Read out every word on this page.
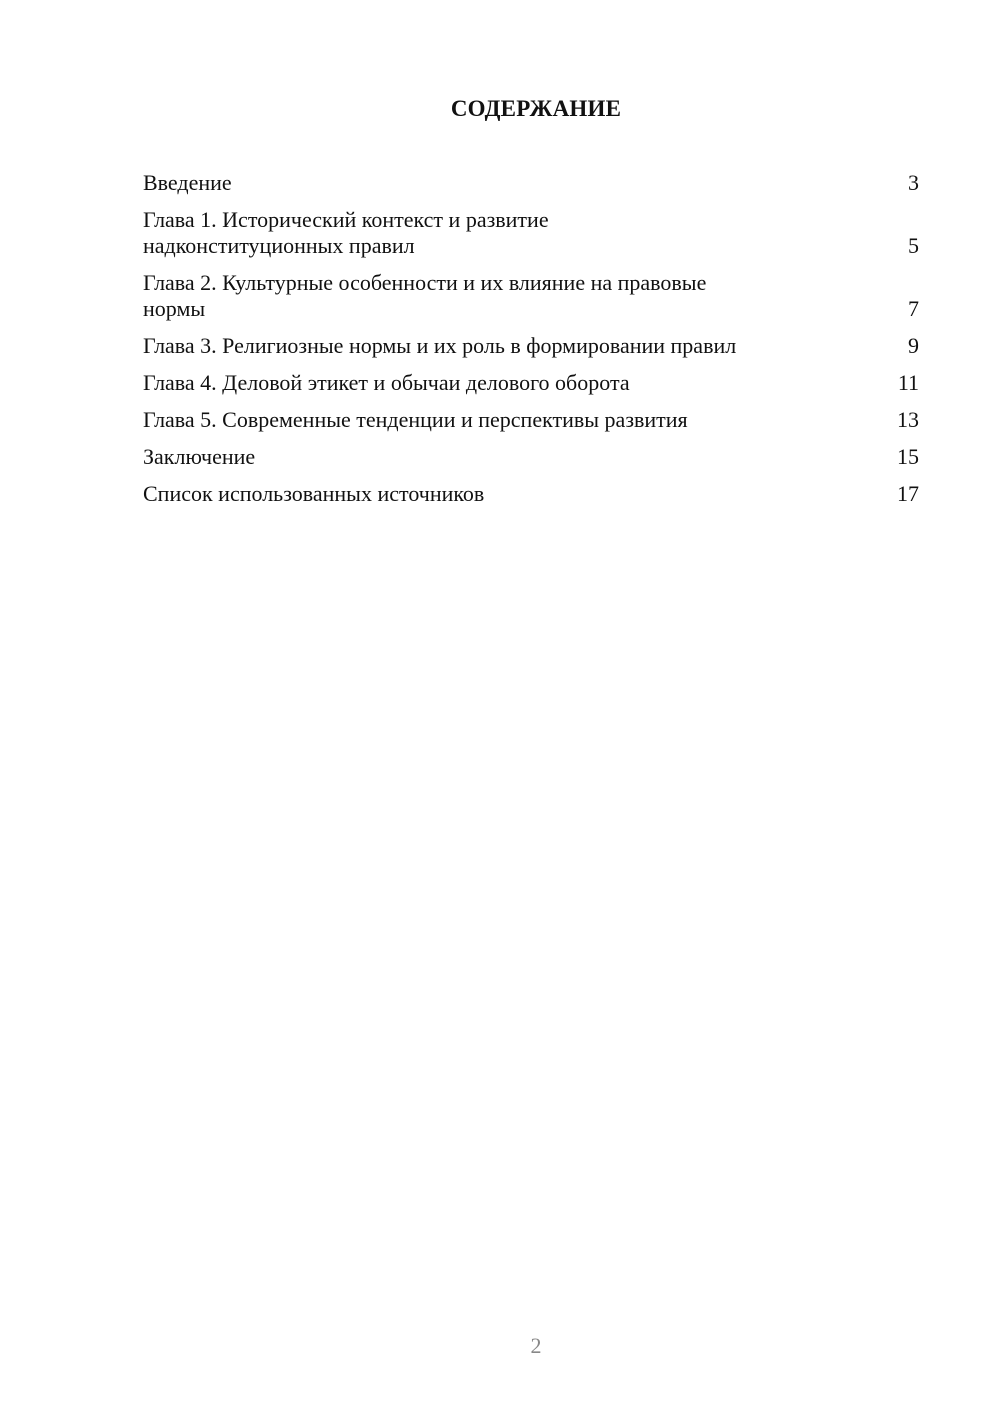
СОДЕРЖАНИЕ
Введение	3
Глава 1. Исторический контекст и развитие
надконституционных правил	5
Глава 2. Культурные особенности и их влияние на правовые
нормы	7
Глава 3. Религиозные нормы и их роль в формировании правил	9
Глава 4. Деловой этикет и обычаи делового оборота	11
Глава 5. Современные тенденции и перспективы развития	13
Заключение	15
Список использованных источников	17
2
